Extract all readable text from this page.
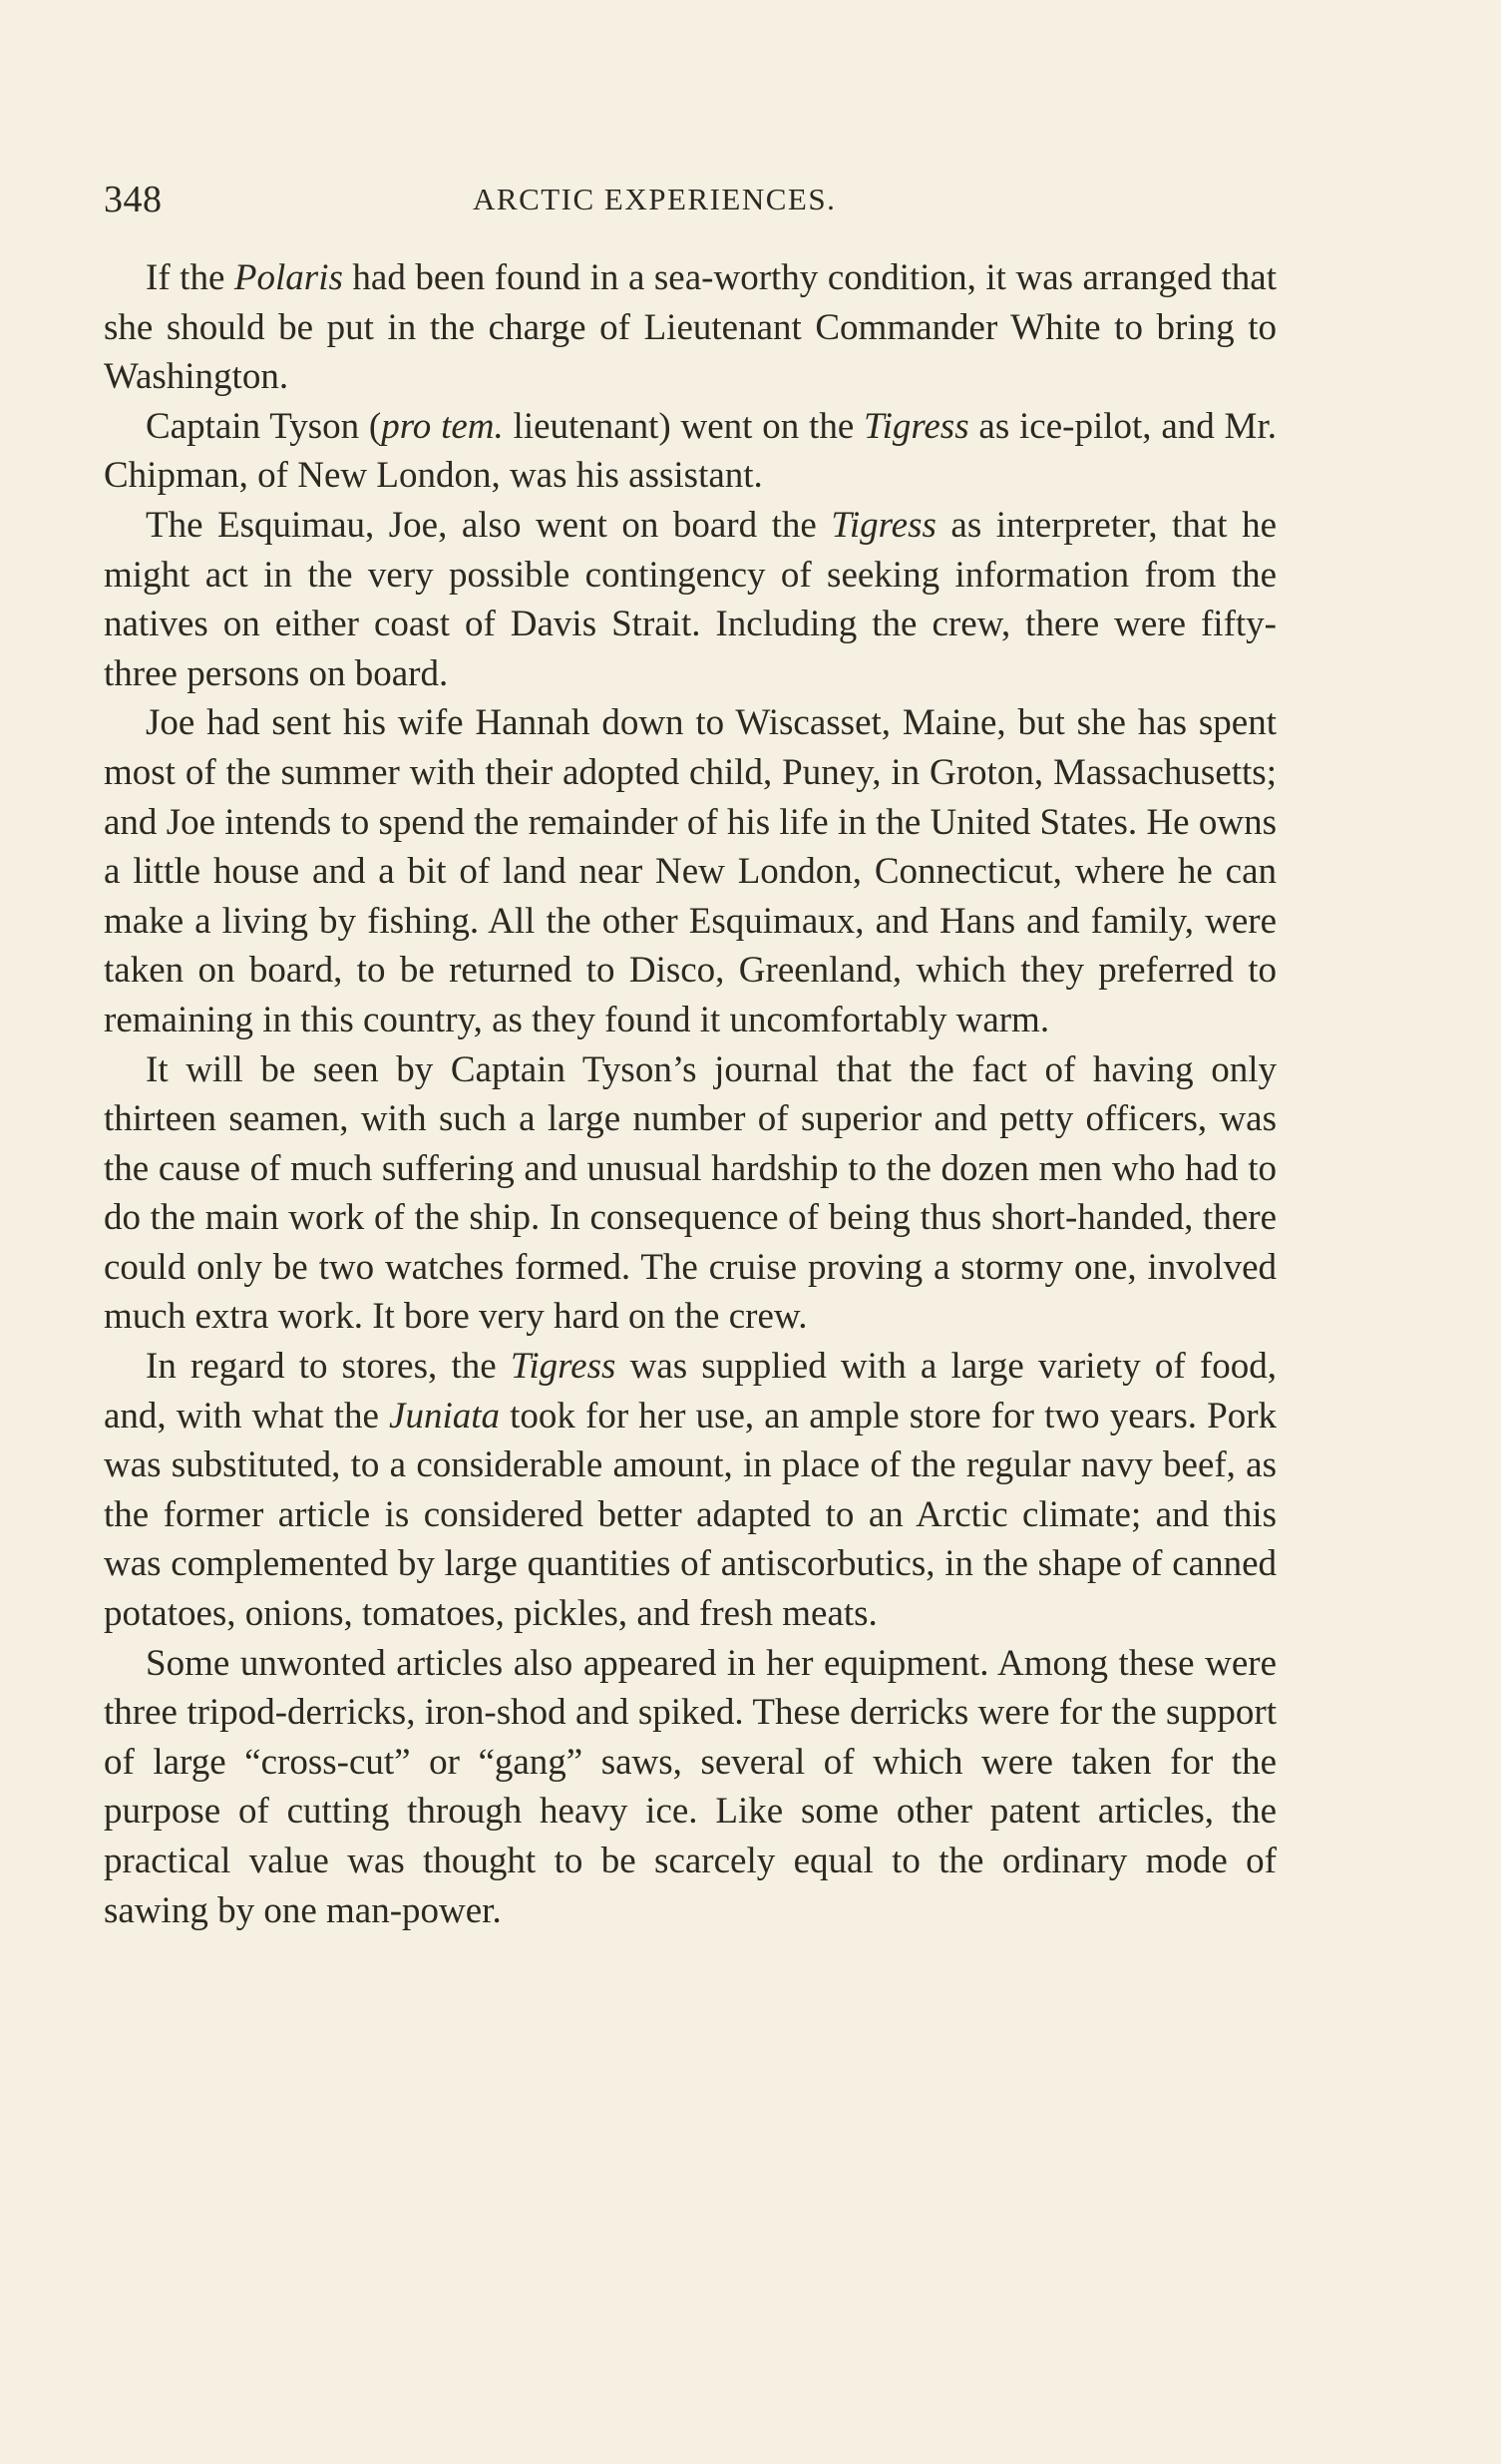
348	ARCTIC EXPERIENCES.

If the Polaris had been found in a sea-worthy condition, it was arranged that she should be put in the charge of Lieutenant Commander White to bring to Washington.

Captain Tyson (pro tem. lieutenant) went on the Tigress as ice-pilot, and Mr. Chipman, of New London, was his assistant.

The Esquimau, Joe, also went on board the Tigress as interpreter, that he might act in the very possible contingency of seeking information from the natives on either coast of Davis Strait. Including the crew, there were fifty-three persons on board.

Joe had sent his wife Hannah down to Wiscasset, Maine, but she has spent most of the summer with their adopted child, Puney, in Groton, Massachusetts; and Joe intends to spend the remainder of his life in the United States. He owns a little house and a bit of land near New London, Connecticut, where he can make a living by fishing. All the other Esquimaux, and Hans and family, were taken on board, to be returned to Disco, Greenland, which they preferred to remaining in this country, as they found it uncomfortably warm.

It will be seen by Captain Tyson’s journal that the fact of having only thirteen seamen, with such a large number of superior and petty officers, was the cause of much suffering and unusual hardship to the dozen men who had to do the main work of the ship. In consequence of being thus short-handed, there could only be two watches formed. The cruise proving a stormy one, involved much extra work. It bore very hard on the crew.

In regard to stores, the Tigress was supplied with a large variety of food, and, with what the Juniata took for her use, an ample store for two years. Pork was substituted, to a considerable amount, in place of the regular navy beef, as the former article is considered better adapted to an Arctic climate; and this was complemented by large quantities of antiscorbutics, in the shape of canned potatoes, onions, tomatoes, pickles, and fresh meats.

Some unwonted articles also appeared in her equipment. Among these were three tripod-derricks, iron-shod and spiked. These derricks were for the support of large “cross-cut” or “gang” saws, several of which were taken for the purpose of cutting through heavy ice. Like some other patent articles, the practical value was thought to be scarcely equal to the ordinary mode of sawing by one man-power.
